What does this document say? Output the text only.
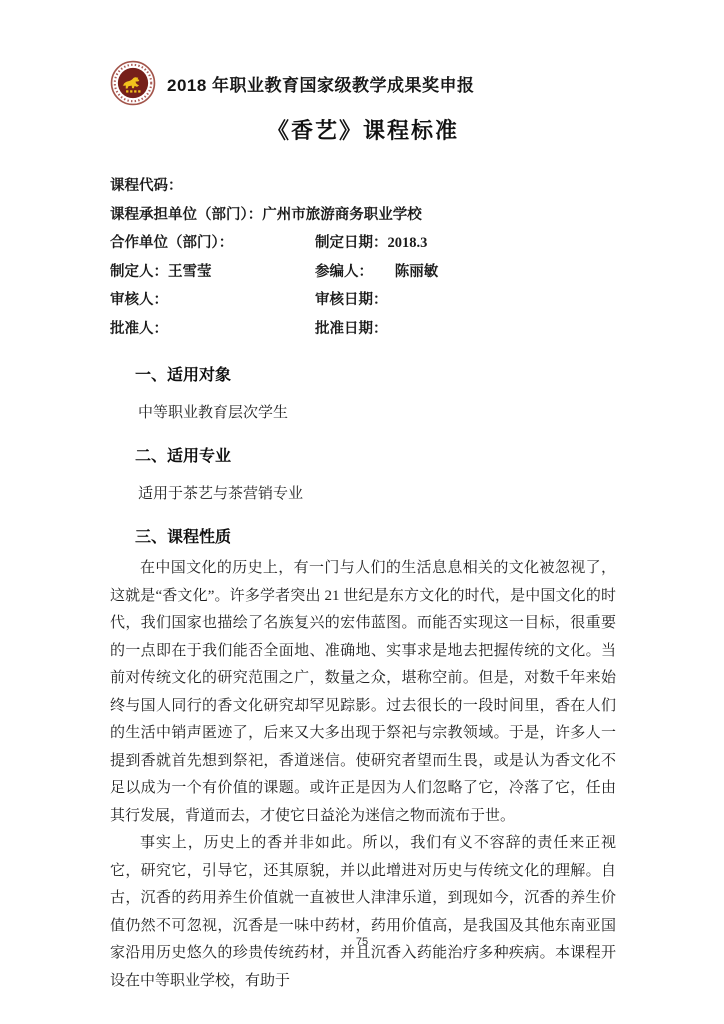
2018 年职业教育国家级教学成果奖申报
《香艺》课程标准
课程代码：
课程承担单位（部门）：广州市旅游商务职业学校
合作单位（部门）：	制定日期：2018.3
制定人：王雪莹	参编人：　　陈丽敏
审核人：	审核日期：
批准人：	批准日期：
一、适用对象
中等职业教育层次学生
二、适用专业
适用于茶艺与茶营销专业
三、课程性质

在中国文化的历史上，有一门与人们的生活息息相关的文化被忽视了，这就是“香文化”。许多学者突出 21 世纪是东方文化的时代，是中国文化的时代，我们国家也描绘了名族复兴的宏伟蓝图。而能否实现这一目标，很重要的一点即在于我们能否全面地、准确地、实事求是地去把握传统的文化。当前对传统文化的研究范围之广，数量之众，堪称空前。但是，对数千年来始终与国人同行的香文化研究却罕见踪影。过去很长的一段时间里，香在人们的生活中销声匿迹了，后来又大多出现于祭祀与宗教领域。于是，许多人一提到香就首先想到祭祀，香道迷信。使研究者望而生畏，或是认为香文化不足以成为一个有价值的课题。或许正是因为人们忽略了它，冷落了它，任由其行发展，背道而去，才使它日益沦为迷信之物而流布于世。

事实上，历史上的香并非如此。所以，我们有义不容辞的责任来正视它，研究它，引导它，还其原貌，并以此增进对历史与传统文化的理解。自古，沉香的药用养生价值就一直被世人津津乐道，到现如今，沉香的养生价值仍然不可忽视，沉香是一味中药材，药用价值高，是我国及其他东南亚国家沿用历史悠久的珍贵传统药材，并且沉香入药能治疗多种疾病。本课程开设在中等职业学校，有助于

75
